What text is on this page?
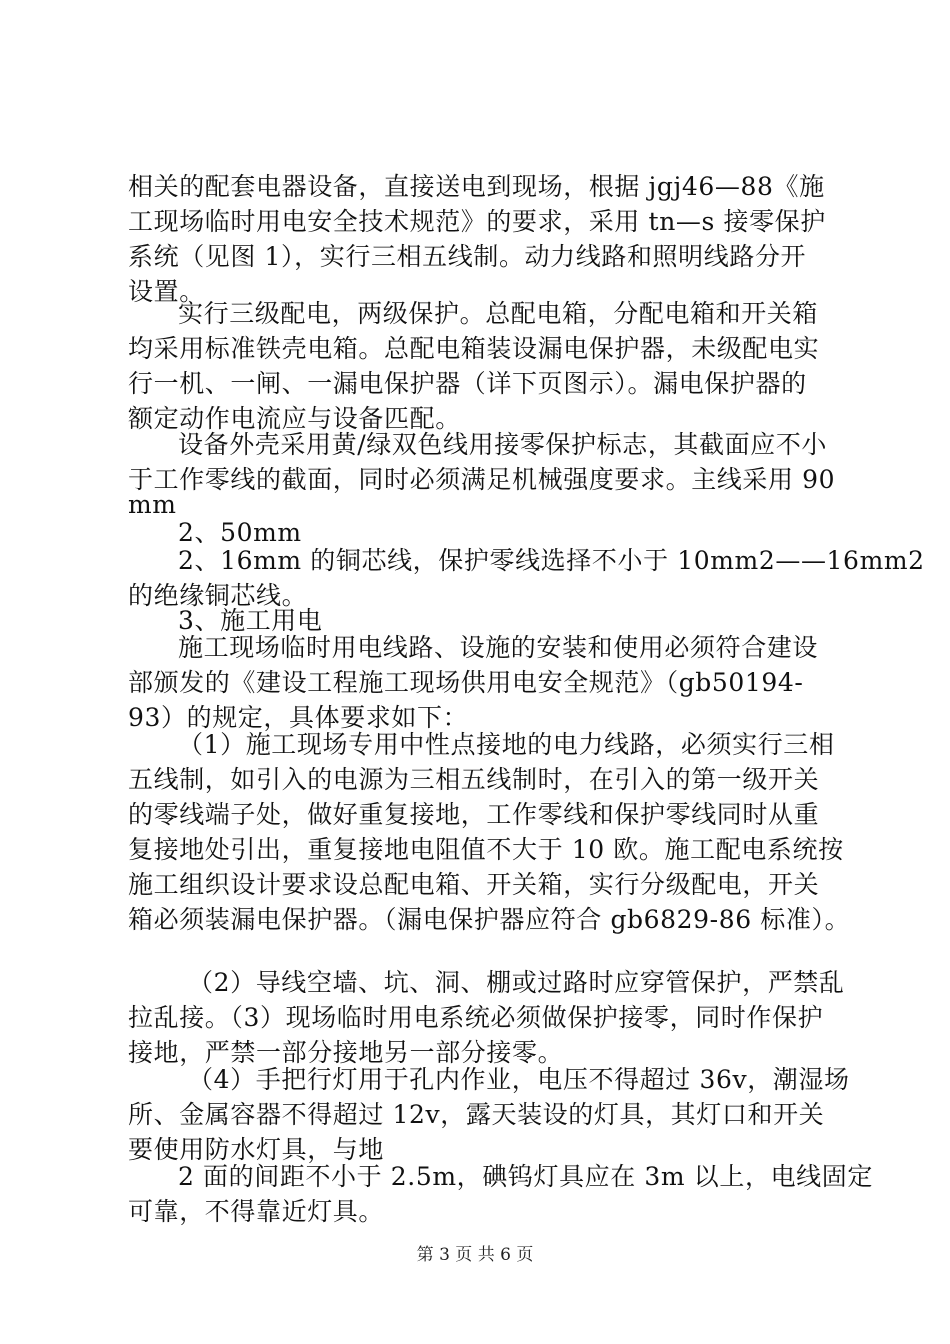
相关的配套电器设备，直接送电到现场，根据 jgj46—88《施
工现场临时用电安全技术规范》的要求，采用 tn—s 接零保护
系统（见图 1），实行三相五线制。动力线路和照明线路分开
设置。
实行三级配电，两级保护。总配电箱，分配电箱和开关箱
均采用标准铁壳电箱。总配电箱装设漏电保护器，未级配电实
行一机、一闸、一漏电保护器（详下页图示）。漏电保护器的
额定动作电流应与设备匹配。
设备外壳采用黄/绿双色线用接零保护标志，其截面应不小
于工作零线的截面，同时必须满足机械强度要求。主线采用 90
mm
2、50mm
2、16mm 的铜芯线，保护零线选择不小于 10mm2——16mm2
的绝缘铜芯线。
3、施工用电
施工现场临时用电线路、设施的安装和使用必须符合建设
部颁发的《建设工程施工现场供用电安全规范》（gb50194-
93）的规定，具体要求如下：
（1）施工现场专用中性点接地的电力线路，必须实行三相
五线制，如引入的电源为三相五线制时，在引入的第一级开关
的零线端子处，做好重复接地，工作零线和保护零线同时从重
复接地处引出，重复接地电阻值不大于 10 欧。施工配电系统按
施工组织设计要求设总配电箱、开关箱，实行分级配电，开关
箱必须装漏电保护器。（漏电保护器应符合 gb6829-86 标准）。
（2）导线空墙、坑、洞、棚或过路时应穿管保护，严禁乱
拉乱接。（3）现场临时用电系统必须做保护接零，同时作保护
接地，严禁一部分接地另一部分接零。
（4）手把行灯用于孔内作业，电压不得超过 36v，潮湿场
所、金属容器不得超过 12v，露天装设的灯具，其灯口和开关
要使用防水灯具，与地
2 面的间距不小于 2.5m，碘钨灯具应在 3m 以上，电线固定
可靠，不得靠近灯具。
第 3 页 共 6 页
